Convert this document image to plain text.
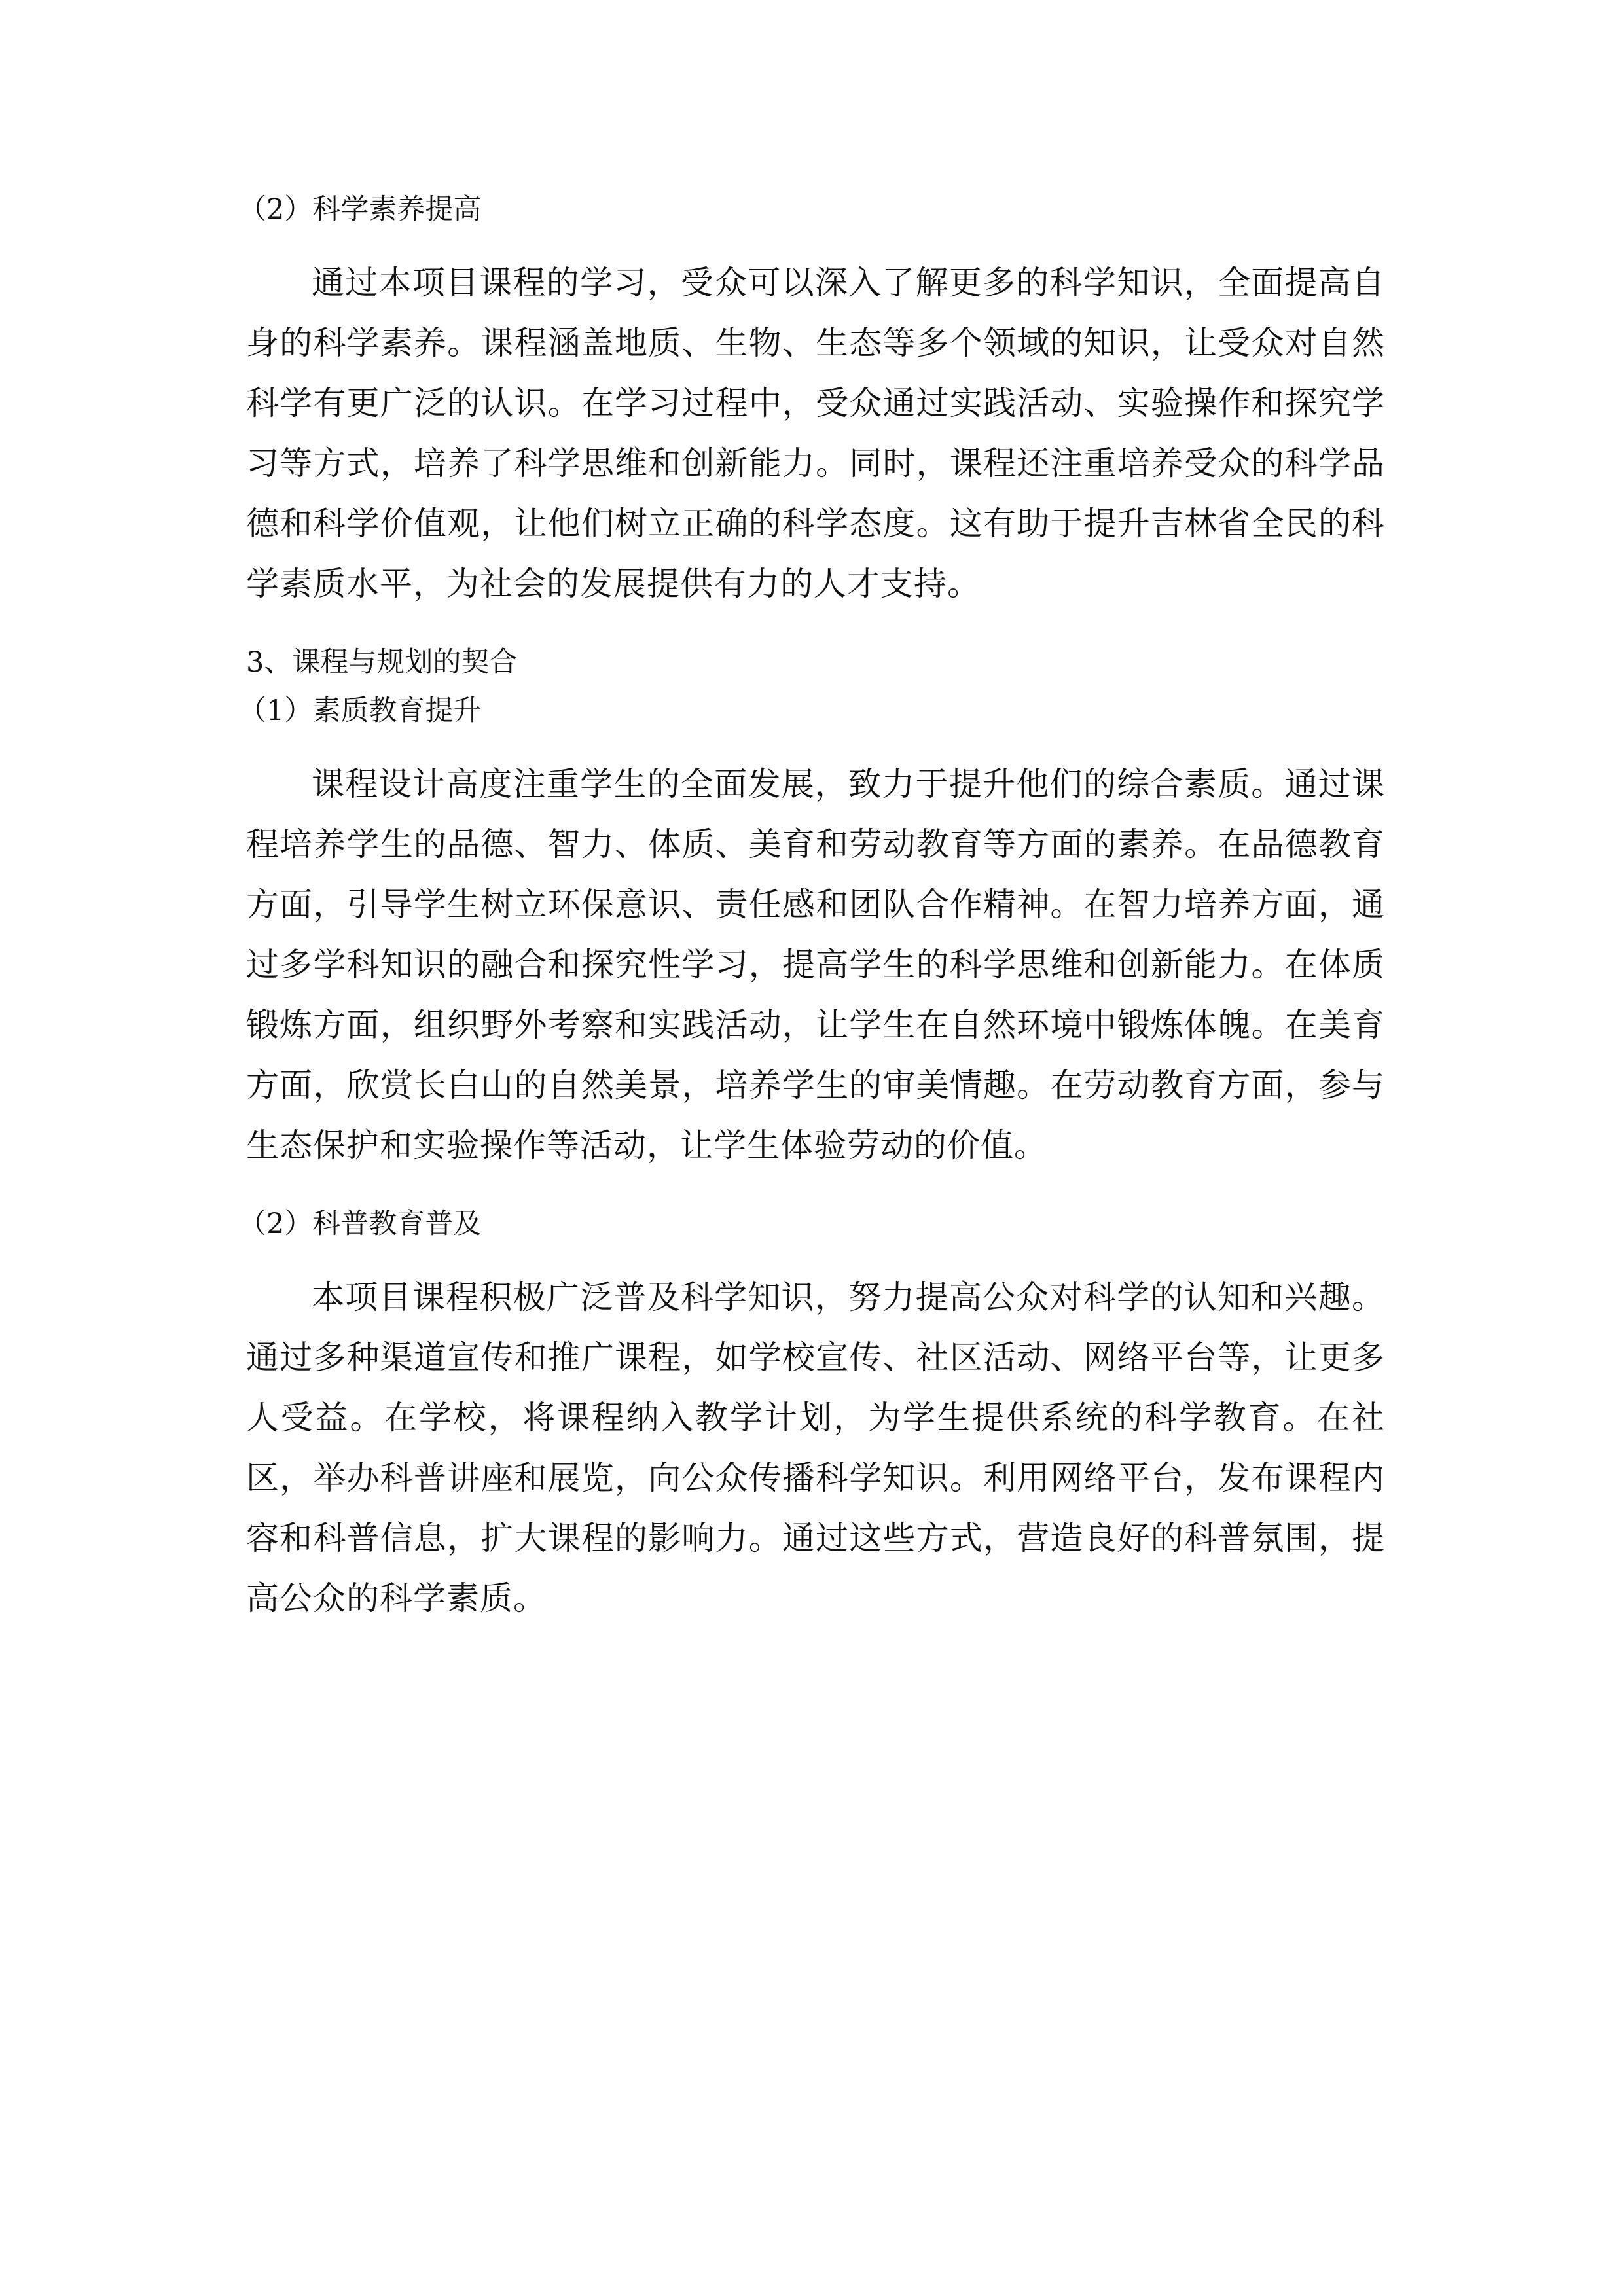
（2）科学素养提高

通过本项目课程的学习，受众可以深入了解更多的科学知识，全面提高自身的科学素养。课程涵盖地质、生物、生态等多个领域的知识，让受众对自然科学有更广泛的认识。在学习过程中，受众通过实践活动、实验操作和探究学习等方式，培养了科学思维和创新能力。同时，课程还注重培养受众的科学品德和科学价值观，让他们树立正确的科学态度。这有助于提升吉林省全民的科学素质水平，为社会的发展提供有力的人才支持。

3、课程与规划的契合

（1）素质教育提升

课程设计高度注重学生的全面发展，致力于提升他们的综合素质。通过课程培养学生的品德、智力、体质、美育和劳动教育等方面的素养。在品德教育方面，引导学生树立环保意识、责任感和团队合作精神。在智力培养方面，通过多学科知识的融合和探究性学习，提高学生的科学思维和创新能力。在体质锻炼方面，组织野外考察和实践活动，让学生在自然环境中锻炼体魄。在美育方面，欣赏长白山的自然美景，培养学生的审美情趣。在劳动教育方面，参与生态保护和实验操作等活动，让学生体验劳动的价值。

（2）科普教育普及

本项目课程积极广泛普及科学知识，努力提高公众对科学的认知和兴趣。通过多种渠道宣传和推广课程，如学校宣传、社区活动、网络平台等，让更多人受益。在学校，将课程纳入教学计划，为学生提供系统的科学教育。在社区，举办科普讲座和展览，向公众传播科学知识。利用网络平台，发布课程内容和科普信息，扩大课程的影响力。通过这些方式，营造良好的科普氛围，提高公众的科学素质。
